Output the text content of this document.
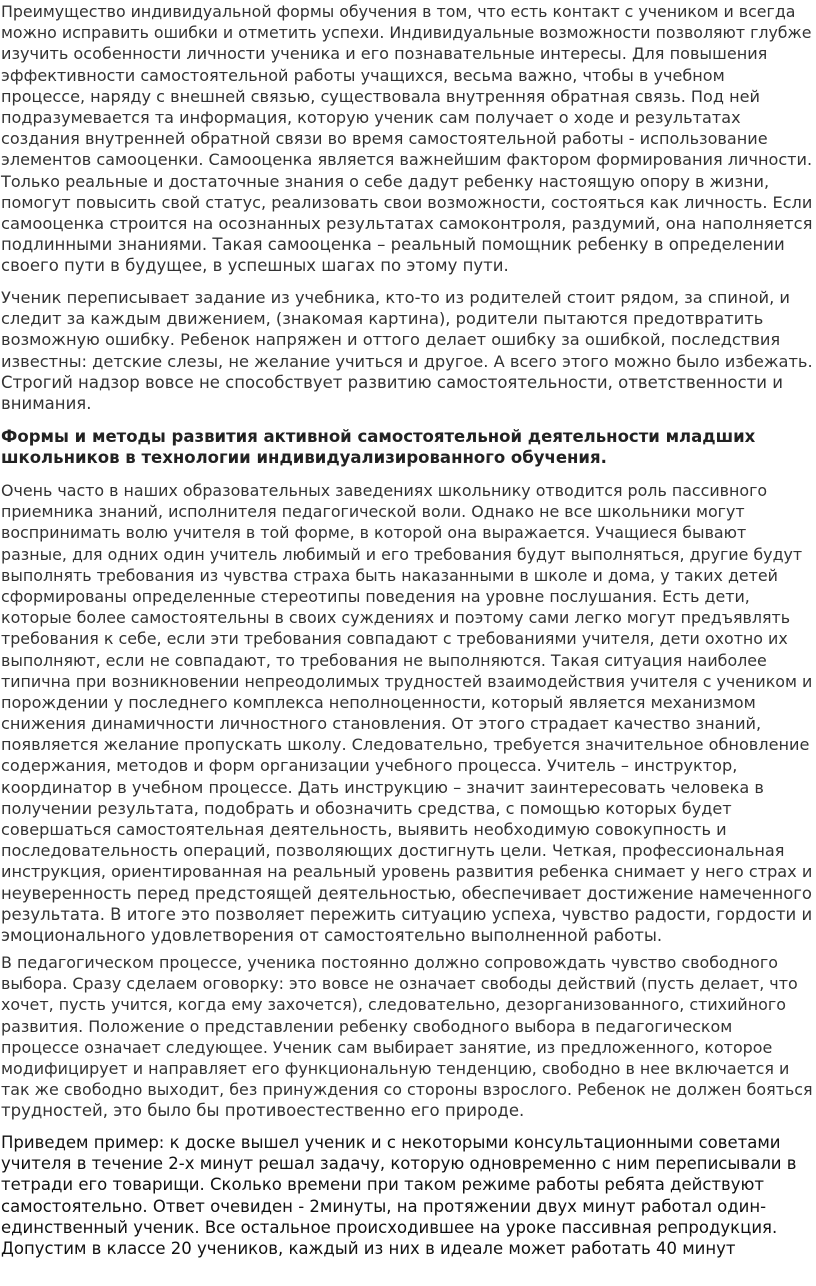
Преимущество индивидуальной формы обучения в том, что есть контакт с учеником и всегда
можно исправить ошибки и отметить успехи. Индивидуальные возможности позволяют глубже
изучить особенности личности ученика и его познавательные интересы. Для повышения
эффективности самостоятельной работы учащихся, весьма важно, чтобы в учебном
процессе, наряду с внешней связью, существовала внутренняя обратная связь. Под ней
подразумевается та информация, которую ученик сам получает о ходе и результатах
создания внутренней обратной связи во время самостоятельной работы - использование
элементов самооценки. Самооценка является важнейшим фактором формирования личности.
Только реальные и достаточные знания о себе дадут ребенку настоящую опору в жизни,
помогут повысить свой статус, реализовать свои возможности, состояться как личность. Если
самооценка строится на осознанных результатах самоконтроля, раздумий, она наполняется
подлинными знаниями. Такая самооценка – реальный помощник ребенку в определении
своего пути в будущее, в успешных шагах по этому пути.
Ученик переписывает задание из учебника, кто-то из родителей стоит рядом, за спиной, и
следит за каждым движением, (знакомая картина), родители пытаются предотвратить
возможную ошибку. Ребенок напряжен и оттого делает ошибку за ошибкой, последствия
известны: детские слезы, не желание учиться и другое. А всего этого можно было избежать.
Строгий надзор вовсе не способствует развитию самостоятельности, ответственности и
внимания.
Формы и методы развития активной самостоятельной деятельности младших
школьников в технологии индивидуализированного обучения.
Очень часто в наших образовательных заведениях школьнику отводится роль пассивного
приемника знаний, исполнителя педагогической воли. Однако не все школьники могут
воспринимать волю учителя в той форме, в которой она выражается. Учащиеся бывают
разные, для одних один учитель любимый и его требования будут выполняться, другие будут
выполнять требования из чувства страха быть наказанными в школе и дома, у таких детей
сформированы определенные стереотипы поведения на уровне послушания. Есть дети,
которые более самостоятельны в своих суждениях и поэтому сами легко могут предъявлять
требования к себе, если эти требования совпадают с требованиями учителя, дети охотно их
выполняют, если не совпадают, то требования не выполняются. Такая ситуация наиболее
типична при возникновении непреодолимых трудностей взаимодействия учителя с учеником и
порождении у последнего комплекса неполноценности, который является механизмом
снижения динамичности личностного становления. От этого страдает качество знаний,
появляется желание пропускать школу. Следовательно, требуется значительное обновление
содержания, методов и форм организации учебного процесса. Учитель – инструктор,
координатор в учебном процессе. Дать инструкцию – значит заинтересовать человека в
получении результата, подобрать и обозначить средства, с помощью которых будет
совершаться самостоятельная деятельность, выявить необходимую совокупность и
последовательность операций, позволяющих достигнуть цели. Четкая, профессиональная
инструкция, ориентированная на реальный уровень развития ребенка снимает у него страх и
неуверенность перед предстоящей деятельностью, обеспечивает достижение намеченного
результата. В итоге это позволяет пережить ситуацию успеха, чувство радости, гордости и
эмоционального удовлетворения от самостоятельно выполненной работы.
В педагогическом процессе, ученика постоянно должно сопровождать чувство свободного
выбора. Сразу сделаем оговорку: это вовсе не означает свободы действий (пусть делает, что
хочет, пусть учится, когда ему захочется), следовательно, дезорганизованного, стихийного
развития. Положение о представлении ребенку свободного выбора в педагогическом
процессе означает следующее. Ученик сам выбирает занятие, из предложенного, которое
модифицирует и направляет его функциональную тенденцию, свободно в нее включается и
так же свободно выходит, без принуждения со стороны взрослого. Ребенок не должен бояться
трудностей, это было бы противоестественно его природе.
Приведем пример: к доске вышел ученик и с некоторыми консультационными советами
учителя в течение 2-х минут решал задачу, которую одновременно с ним переписывали в
тетради его товарищи. Сколько времени при таком режиме работы ребята действуют
самостоятельно. Ответ очевиден - 2минуты, на протяжении двух минут работал один-
единственный ученик. Все остальное происходившее на уроке пассивная репродукция.
Допустим в классе 20 учеников, каждый из них в идеале может работать 40 минут
